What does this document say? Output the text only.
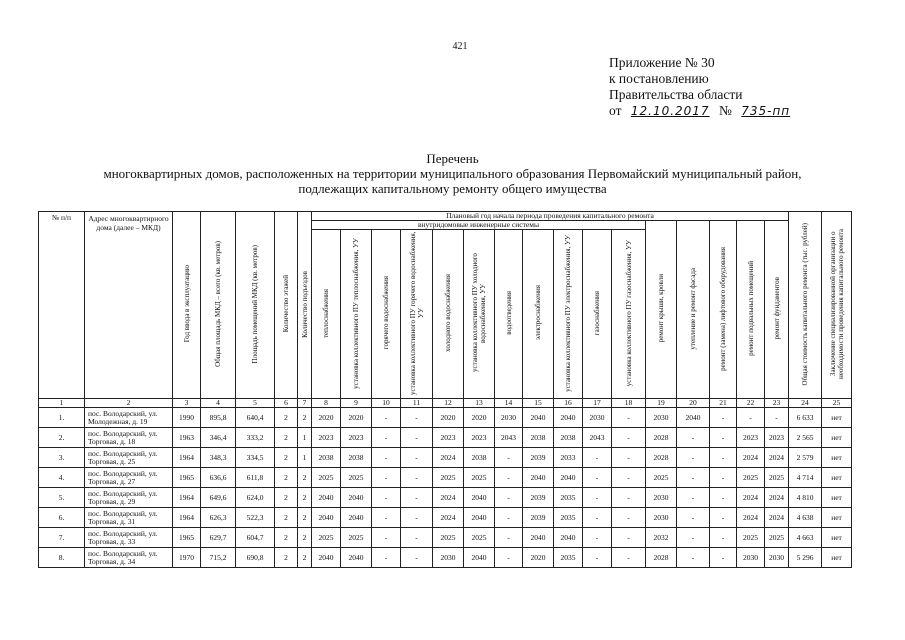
421
Приложение № 30
к постановлению
Правительства области
от 12.10.2017 № 735-пп
Перечень
многоквартирных домов, расположенных на территории муниципального образования Первомайский муниципальный район,
подлежащих капитальному ремонту общего имущества
№ п/п	Адрес многоквартирного дома (далее – МКД)	Год ввода в эксплуатацию	Общая площадь МКД – всего (кв. метров)	Площадь помещений МКД (кв. метров)	Количество этажей	Количество подъездов	Плановый год начала периода проведения капитального ремонта																Общая стоимость капитального ремонта (тыс. рублей)	Заключение специализированной организации о необходимости проведения капитального ремонта
							внутридомовые инженерные системы											ремонт крыши, кровли	утепление и ремонт фасада	ремонт (замена) лифтового оборудования	ремонт подвальных помещений	ремонт фундаментов		
							теплоснабжения	установка коллективного ПУ теплоснабжения, УУ	горячего водоснабжения	установка коллективного ПУ горячего водоснабжения, УУ	холодного водоснабжения	установка коллективного ПУ холодного водоснабжения, УУ	водоотведения	электроснабжения	установка коллективного ПУ электроснабжения, УУ	газоснабжения	установка коллективного ПУ газоснабжения, УУ							
1	2	3	4	5	6	7	8	9	10	11	12	13	14	15	16	17	18	19	20	21	22	23	24	25
1.	пос. Володарский, ул. Молодежная, д. 19	1990	895,8	640,4	2	2	2020	2020	-	-	2020	2020	2030	2040	2040	2030	-	2030	2040	-	-	-	6 633	нет
2.	пос. Володарский, ул. Торговая, д. 18	1963	346,4	333,2	2	1	2023	2023	-	-	2023	2023	2043	2038	2038	2043	-	2028	-	-	2023	2023	2 565	нет
3.	пос. Володарский, ул. Торговая, д. 25	1964	348,3	334,5	2	1	2038	2038	-	-	2024	2038	-	2039	2033	-	-	2028	-	-	2024	2024	2 579	нет
4.	пос. Володарский, ул. Торговая, д. 27	1965	636,6	611,8	2	2	2025	2025	-	-	2025	2025	-	2040	2040	-	-	2025	-	-	2025	2025	4 714	нет
5.	пос. Володарский, ул. Торговая, д. 29	1964	649,6	624,0	2	2	2040	2040	-	-	2024	2040	-	2039	2035	-	-	2030	-	-	2024	2024	4 810	нет
6.	пос. Володарский, ул. Торговая, д. 31	1964	626,3	522,3	2	2	2040	2040	-	-	2024	2040	-	2039	2035	-	-	2030	-	-	2024	2024	4 638	нет
7.	пос. Володарский, ул. Торговая, д. 33	1965	629,7	604,7	2	2	2025	2025	-	-	2025	2025	-	2040	2040	-	-	2032	-	-	2025	2025	4 663	нет
8.	пос. Володарский, ул. Торговая, д. 34	1970	715,2	690,8	2	2	2040	2040	-	-	2030	2040	-	2020	2035	-	-	2028	-	-	2030	2030	5 296	нет
